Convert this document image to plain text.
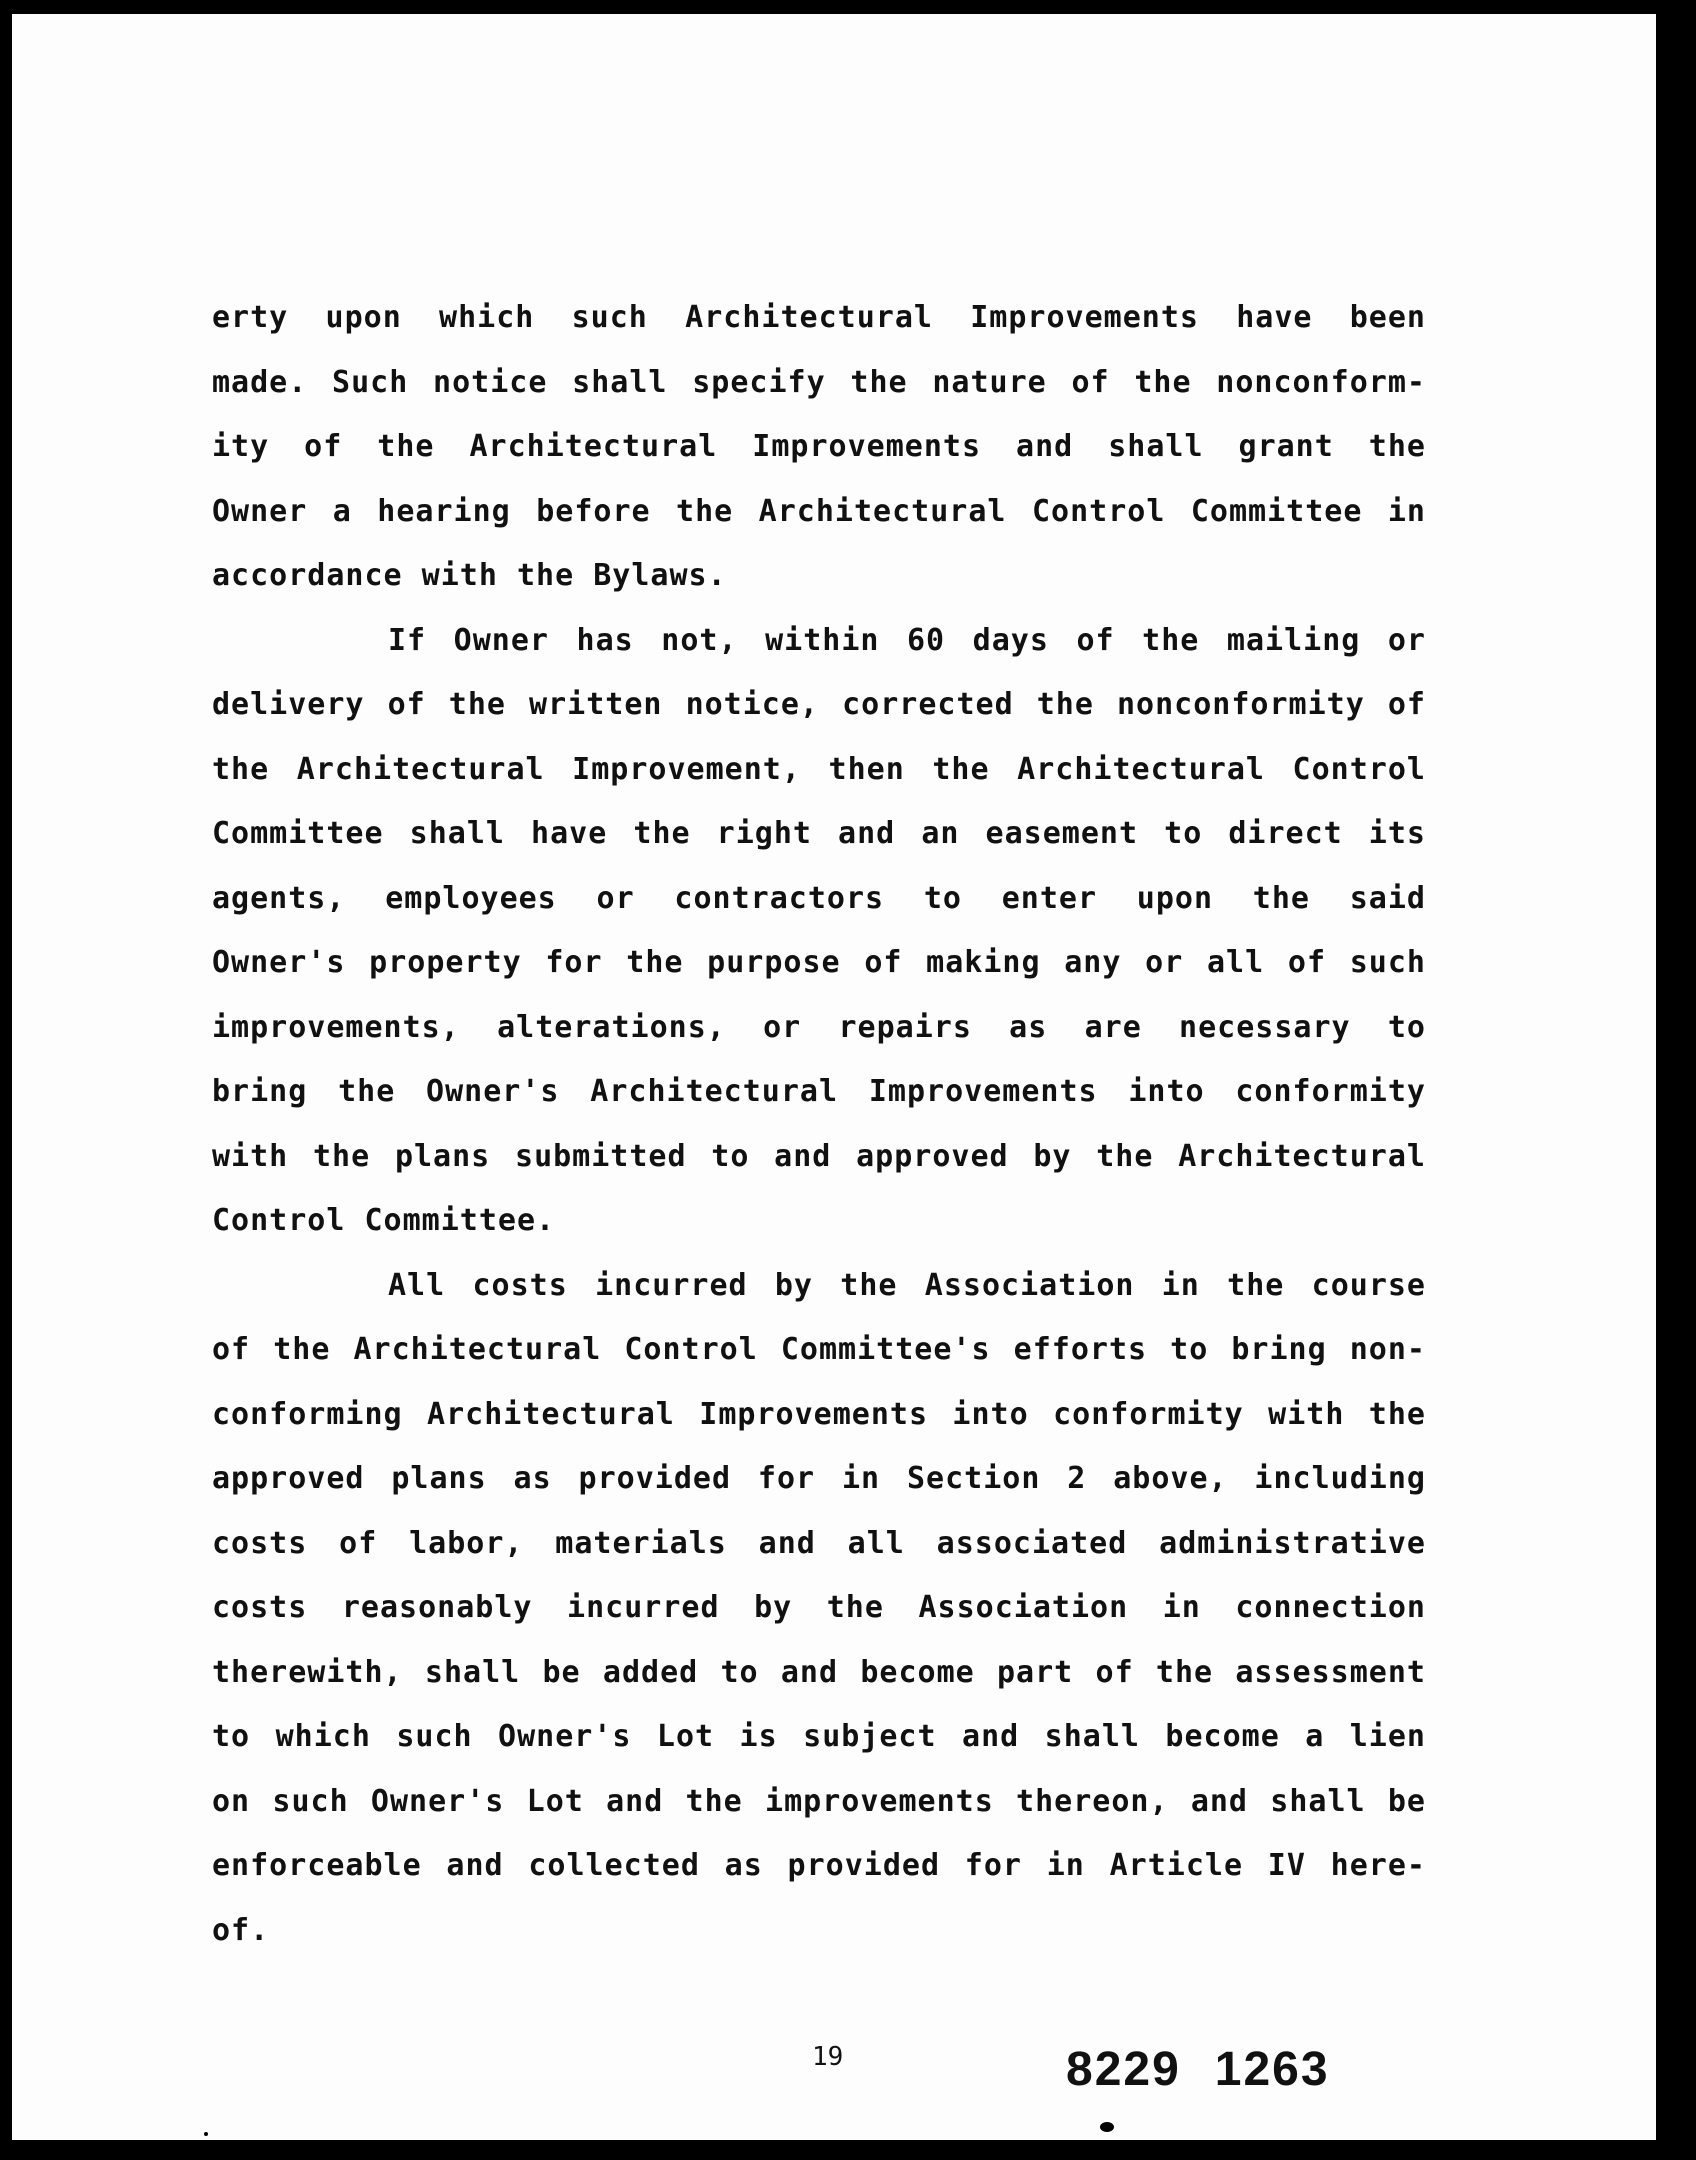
erty upon which such Architectural Improvements have been
made. Such notice shall specify the nature of the nonconform-
ity of the Architectural Improvements and shall grant the
Owner a hearing before the Architectural Control Committee in
accordance with the Bylaws.
If Owner has not, within 60 days of the mailing or
delivery of the written notice, corrected the nonconformity of
the Architectural Improvement, then the Architectural Control
Committee shall have the right and an easement to direct its
agents, employees or contractors to enter upon the said
Owner's property for the purpose of making any or all of such
improvements, alterations, or repairs as are necessary to
bring the Owner's Architectural Improvements into conformity
with the plans submitted to and approved by the Architectural
Control Committee.
All costs incurred by the Association in the course
of the Architectural Control Committee's efforts to bring non-
conforming Architectural Improvements into conformity with the
approved plans as provided for in Section 2 above, including
costs of labor, materials and all associated administrative
costs reasonably incurred by the Association in connection
therewith, shall be added to and become part of the assessment
to which such Owner's Lot is subject and shall become a lien
on such Owner's Lot and the improvements thereon, and shall be
enforceable and collected as provided for in Article IV here-
of.
19	8229 1263
